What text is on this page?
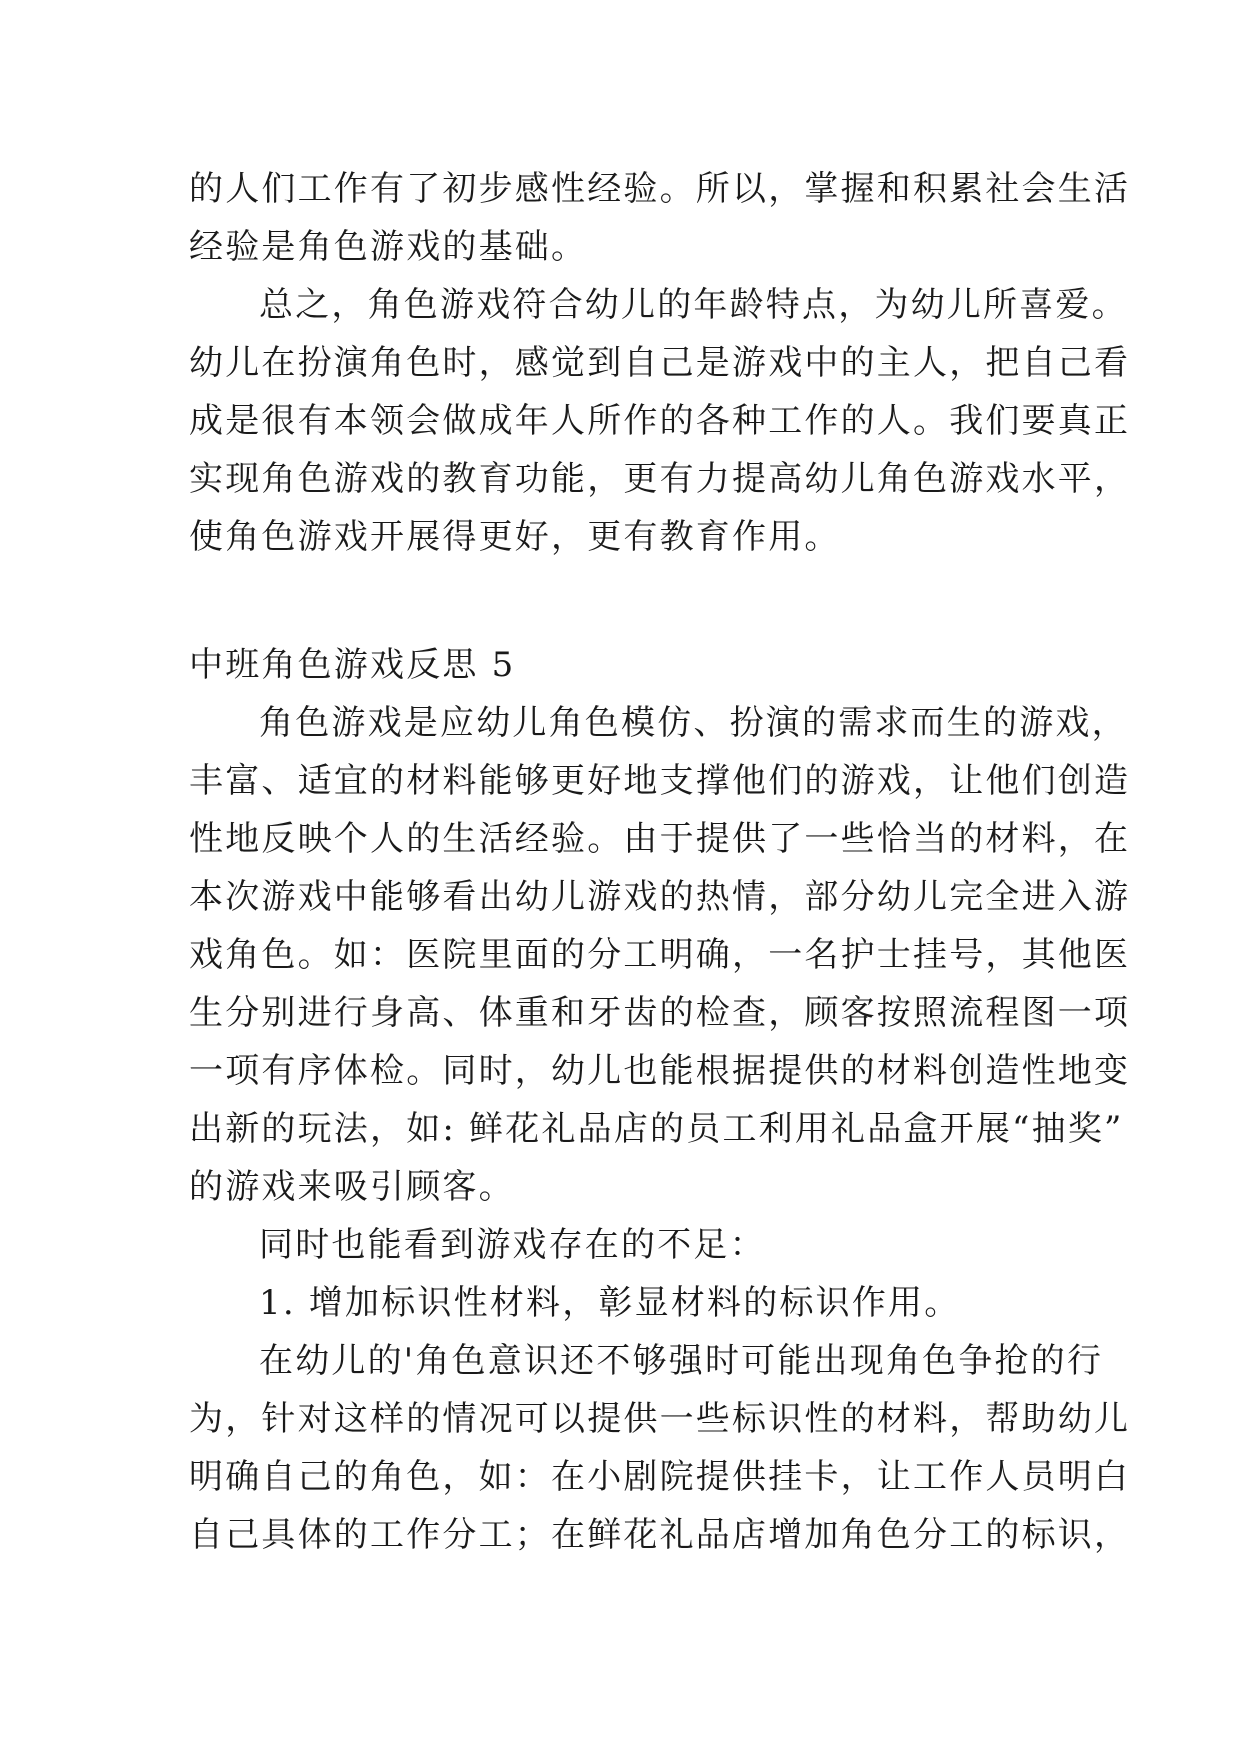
的人们工作有了初步感性经验。所以，掌握和积累社会生活
经验是角色游戏的基础。
总之，角色游戏符合幼儿的年龄特点，为幼儿所喜爱。
幼儿在扮演角色时，感觉到自己是游戏中的主人，把自己看
成是很有本领会做成年人所作的各种工作的人。我们要真正
实现角色游戏的教育功能，更有力提高幼儿角色游戏水平，
使角色游戏开展得更好，更有教育作用。
中班角色游戏反思 5
角色游戏是应幼儿角色模仿、扮演的需求而生的游戏，
丰富、适宜的材料能够更好地支撑他们的游戏，让他们创造
性地反映个人的生活经验。由于提供了一些恰当的材料，在
本次游戏中能够看出幼儿游戏的热情，部分幼儿完全进入游
戏角色。如：医院里面的分工明确，一名护士挂号，其他医
生分别进行身高、体重和牙齿的检查，顾客按照流程图一项
一项有序体检。同时，幼儿也能根据提供的材料创造性地变
出新的玩法，如: 鲜花礼品店的员工利用礼品盒开展“抽奖”
的游戏来吸引顾客。
同时也能看到游戏存在的不足：
1. 增加标识性材料，彰显材料的标识作用。
在幼儿的'角色意识还不够强时可能出现角色争抢的行
为，针对这样的情况可以提供一些标识性的材料，帮助幼儿
明确自己的角色，如：在小剧院提供挂卡，让工作人员明白
自己具体的工作分工；在鲜花礼品店增加角色分工的标识，
